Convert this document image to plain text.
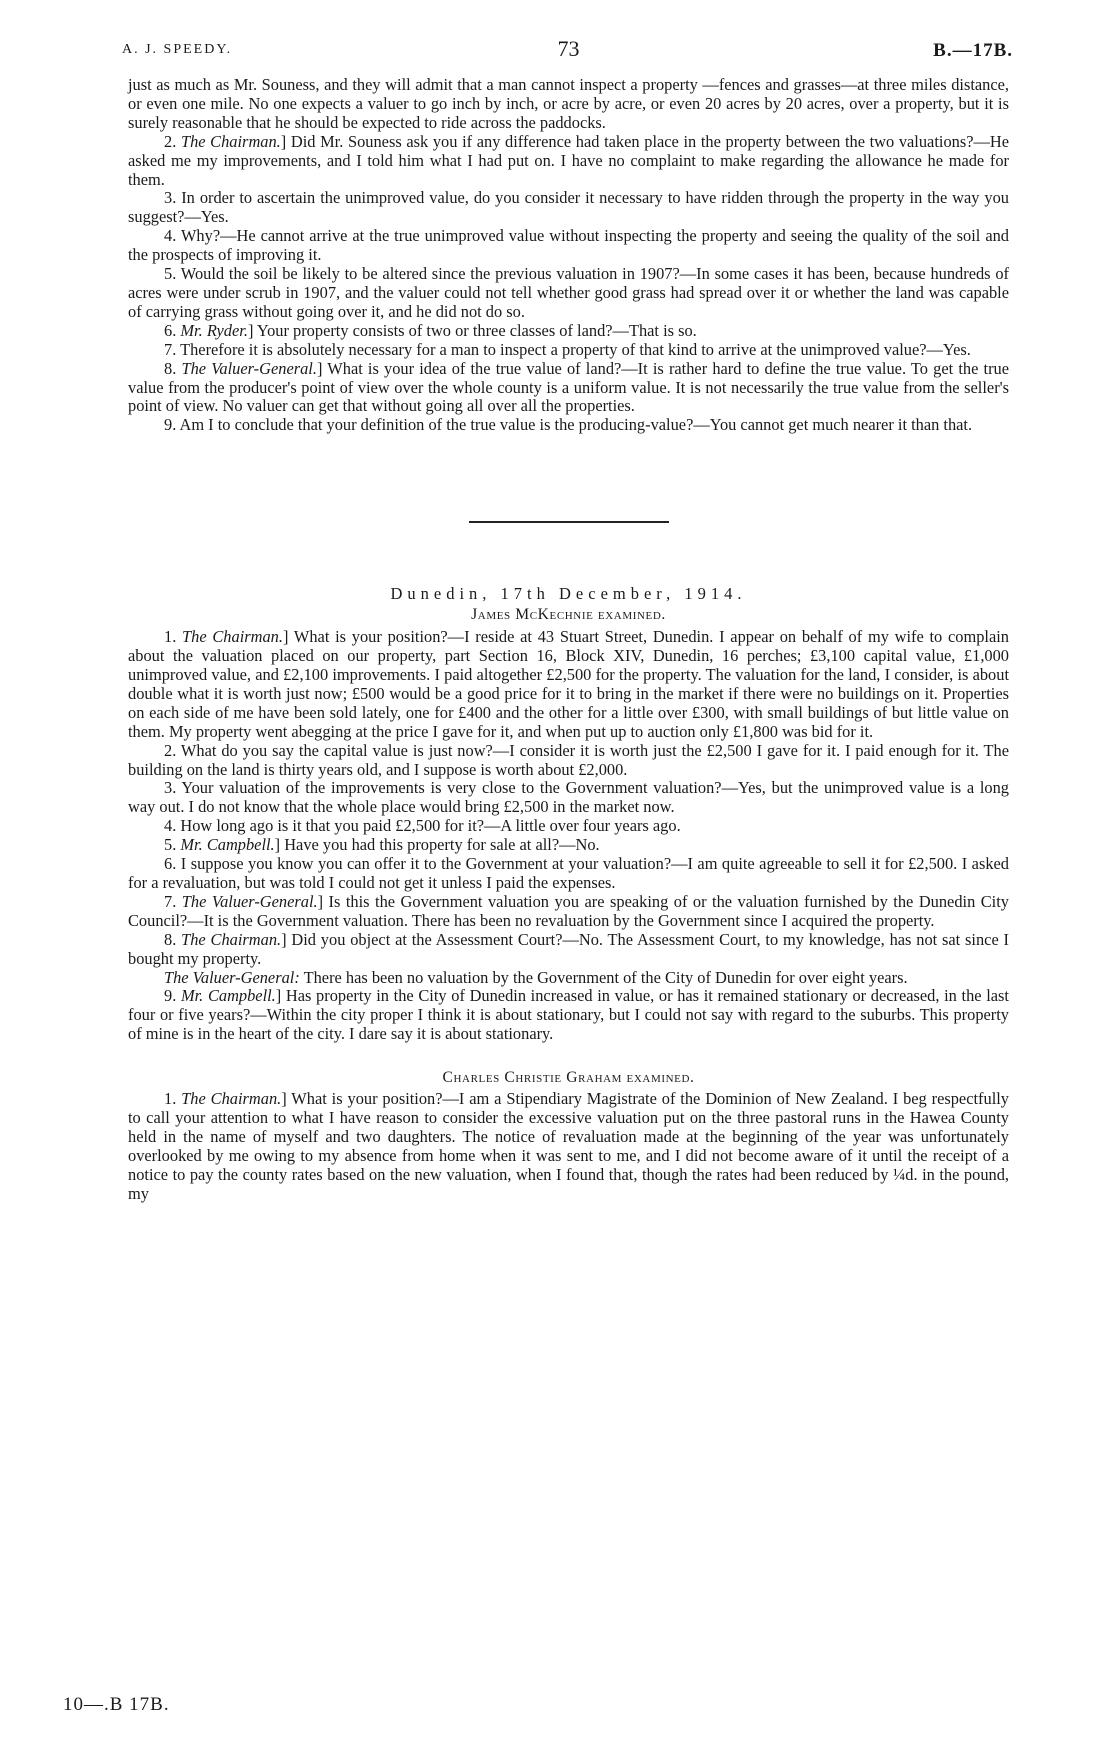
A. J. SPEEDY.	73	B.—17B.

just as much as Mr. Souness, and they will admit that a man cannot inspect a property —fences and grasses—at three miles distance, or even one mile. No one expects a valuer to go inch by inch, or acre by acre, or even 20 acres by 20 acres, over a property, but it is surely reasonable that he should be expected to ride across the paddocks.

2. The Chairman.] Did Mr. Souness ask you if any difference had taken place in the property between the two valuations?—He asked me my improvements, and I told him what I had put on. I have no complaint to make regarding the allowance he made for them.

3. In order to ascertain the unimproved value, do you consider it necessary to have ridden through the property in the way you suggest?—Yes.

4. Why?—He cannot arrive at the true unimproved value without inspecting the property and seeing the quality of the soil and the prospects of improving it.

5. Would the soil be likely to be altered since the previous valuation in 1907?—In some cases it has been, because hundreds of acres were under scrub in 1907, and the valuer could not tell whether good grass had spread over it or whether the land was capable of carrying grass without going over it, and he did not do so.

6. Mr. Ryder.] Your property consists of two or three classes of land?—That is so.

7. Therefore it is absolutely necessary for a man to inspect a property of that kind to arrive at the unimproved value?—Yes.

8. The Valuer-General.] What is your idea of the true value of land?—It is rather hard to define the true value. To get the true value from the producer's point of view over the whole county is a uniform value. It is not necessarily the true value from the seller's point of view. No valuer can get that without going all over all the properties.

9. Am I to conclude that your definition of the true value is the producing-value?—You cannot get much nearer it than that.

Dunedin, 17th December, 1914.
James McKechnie examined.

1. The Chairman.] What is your position?—I reside at 43 Stuart Street, Dunedin. I appear on behalf of my wife to complain about the valuation placed on our property, part Section 16, Block XIV, Dunedin, 16 perches; £3,100 capital value, £1,000 unimproved value, and £2,100 improvements. I paid altogether £2,500 for the property. The valuation for the land, I consider, is about double what it is worth just now; £500 would be a good price for it to bring in the market if there were no buildings on it. Properties on each side of me have been sold lately, one for £400 and the other for a little over £300, with small buildings of but little value on them. My property went abegging at the price I gave for it, and when put up to auction only £1,800 was bid for it.

2. What do you say the capital value is just now?—I consider it is worth just the £2,500 I gave for it. I paid enough for it. The building on the land is thirty years old, and I suppose is worth about £2,000.

3. Your valuation of the improvements is very close to the Government valuation?—Yes, but the unimproved value is a long way out. I do not know that the whole place would bring £2,500 in the market now.

4. How long ago is it that you paid £2,500 for it?—A little over four years ago.

5. Mr. Campbell.] Have you had this property for sale at all?—No.

6. I suppose you know you can offer it to the Government at your valuation?—I am quite agreeable to sell it for £2,500. I asked for a revaluation, but was told I could not get it unless I paid the expenses.

7. The Valuer-General.] Is this the Government valuation you are speaking of or the valuation furnished by the Dunedin City Council?—It is the Government valuation. There has been no revaluation by the Government since I acquired the property.

8. The Chairman.] Did you object at the Assessment Court?—No. The Assessment Court, to my knowledge, has not sat since I bought my property.

The Valuer-General: There has been no valuation by the Government of the City of Dunedin for over eight years.

9. Mr. Campbell.] Has property in the City of Dunedin increased in value, or has it remained stationary or decreased, in the last four or five years?—Within the city proper I think it is about stationary, but I could not say with regard to the suburbs. This property of mine is in the heart of the city. I dare say it is about stationary.

Charles Christie Graham examined.

1. The Chairman.] What is your position?—I am a Stipendiary Magistrate of the Dominion of New Zealand. I beg respectfully to call your attention to what I have reason to consider the excessive valuation put on the three pastoral runs in the Hawea County held in the name of myself and two daughters. The notice of revaluation made at the beginning of the year was unfortunately overlooked by me owing to my absence from home when it was sent to me, and I did not become aware of it until the receipt of a notice to pay the county rates based on the new valuation, when I found that, though the rates had been reduced by ¼d. in the pound, my

10—.B 17B.
